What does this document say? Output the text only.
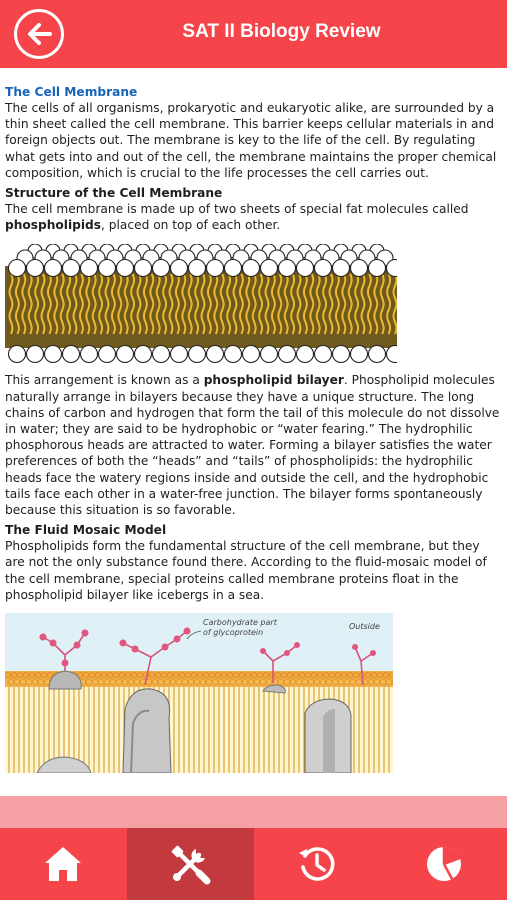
SAT II Biology Review
The Cell Membrane

The cells of all organisms, prokaryotic and eukaryotic alike, are surrounded by a thin sheet called the cell membrane. This barrier keeps cellular materials in and foreign objects out. The membrane is key to the life of the cell. By regulating what gets into and out of the cell, the membrane maintains the proper chemical composition, which is crucial to the life processes the cell carries out.

Structure of the Cell Membrane

The cell membrane is made up of two sheets of special fat molecules called phospholipids, placed on top of each other.

This arrangement is known as a phospholipid bilayer. Phospholipid molecules naturally arrange in bilayers because they have a unique structure. The long chains of carbon and hydrogen that form the tail of this molecule do not dissolve in water; they are said to be hydrophobic or “water fearing.” The hydrophilic phosphorous heads are attracted to water. Forming a bilayer satisfies the water preferences of both the “heads” and “tails” of phospholipids: the hydrophilic heads face the watery regions inside and outside the cell, and the hydrophobic tails face each other in a water-free junction. The bilayer forms spontaneously because this situation is so favorable.

The Fluid Mosaic Model

Phospholipids form the fundamental structure of the cell membrane, but they are not the only substance found there. According to the fluid-mosaic model of the cell membrane, special proteins called membrane proteins float in the phospholipid bilayer like icebergs in a sea.

Carbohydrate part
of glycoprotein
Outside
